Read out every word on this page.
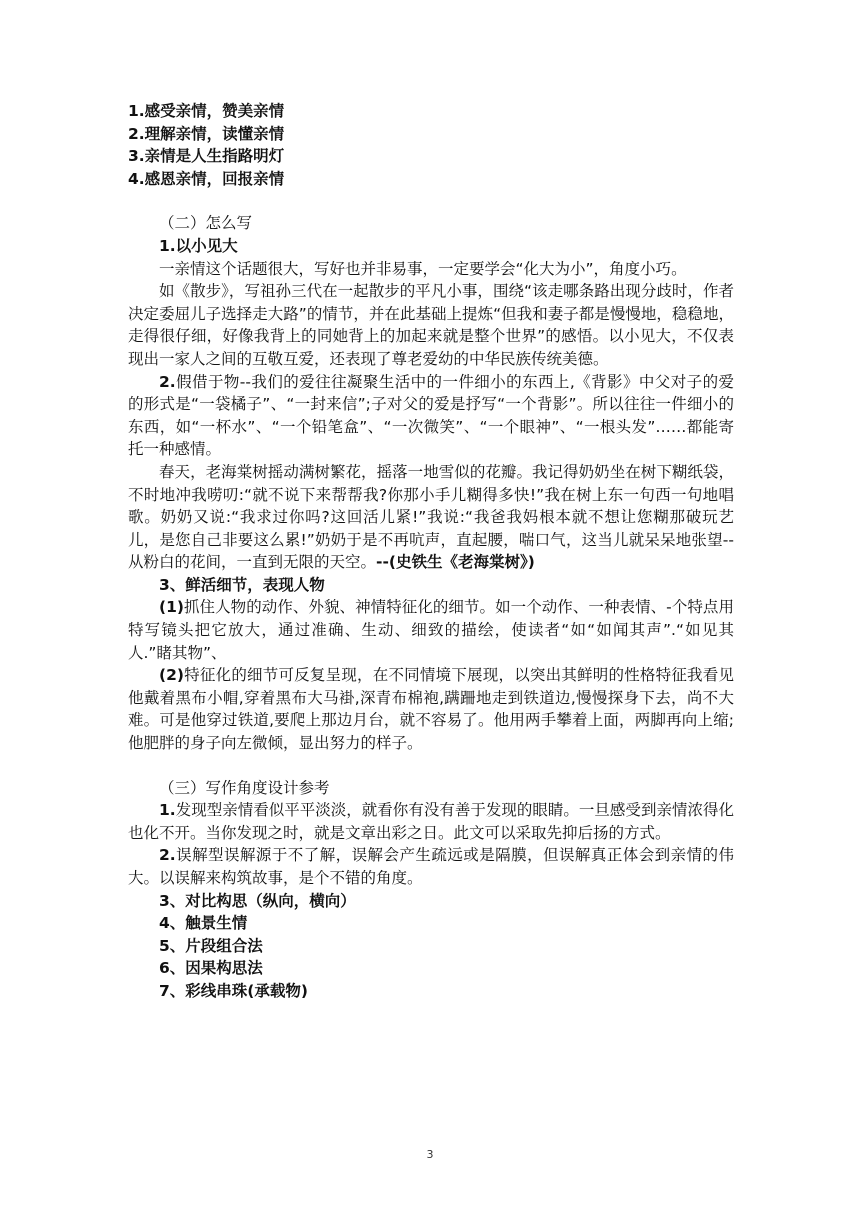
1.感受亲情，赞美亲情
2.理解亲情，读懂亲情
3.亲情是人生指路明灯
4.感恩亲情，回报亲情
（二）怎么写
1.以小见大

一亲情这个话题很大，写好也并非易事，一定要学会“化大为小”，角度小巧。

如《散步》，写祖孙三代在一起散步的平凡小事，围绕“该走哪条路出现分歧时，作者决定委屈儿子选择走大路”的情节，并在此基础上提炼“但我和妻子都是慢慢地，稳稳地，走得很仔细，好像我背上的同她背上的加起来就是整个世界”的感悟。以小见大，不仅表现出一家人之间的互敬互爱，还表现了尊老爱幼的中华民族传统美德。

2.假借于物--我们的爱往往凝聚生活中的一件细小的东西上,《背影》中父对子的爱的形式是“一袋橘子”、“一封来信”;子对父的爱是抒写“一个背影”。所以往往一件细小的东西，如“一杯水”、“一个铅笔盒”、“一次微笑”、“一个眼神”、“一根头发”……都能寄托一种感情。

春天，老海棠树摇动满树繁花，摇落一地雪似的花瓣。我记得奶奶坐在树下糊纸袋，不时地冲我唠叨:“就不说下来帮帮我?你那小手儿糊得多快!”我在树上东一句西一句地唱歌。奶奶又说:“我求过你吗?这回活儿紧!”我说:“我爸我妈根本就不想让您糊那破玩艺儿，是您自己非要这么累!”奶奶于是不再吭声，直起腰，喘口气，这当儿就呆呆地张望--从粉白的花间，一直到无限的天空。--(史铁生《老海棠树》)

3、鲜活细节，表现人物

(1)抓住人物的动作、外貌、神情特征化的细节。如一个动作、一种表情、-个特点用特写镜头把它放大，通过准确、生动、细致的描绘，使读者“如“如闻其声”.“如见其人.”睹其物”、

(2)特征化的细节可反复呈现，在不同情境下展现，以突出其鲜明的性格特征我看见他戴着黑布小帽,穿着黑布大马褂,深青布棉袍,蹒跚地走到铁道边,慢慢探身下去，尚不大难。可是他穿过铁道,要爬上那边月台，就不容易了。他用两手攀着上面，两脚再向上缩;他肥胖的身子向左微倾，显出努力的样子。

（三）写作角度设计参考

1.发现型亲情看似平平淡淡，就看你有没有善于发现的眼睛。一旦感受到亲情浓得化也化不开。当你发现之时，就是文章出彩之日。此文可以采取先抑后扬的方式。

2.误解型误解源于不了解，误解会产生疏远或是隔膜，但误解真正体会到亲情的伟大。以误解来构筑故事，是个不错的角度。

3、对比构思（纵向，横向）
4、触景生情
5、片段组合法
6、因果构思法
7、彩线串珠(承载物)
3
